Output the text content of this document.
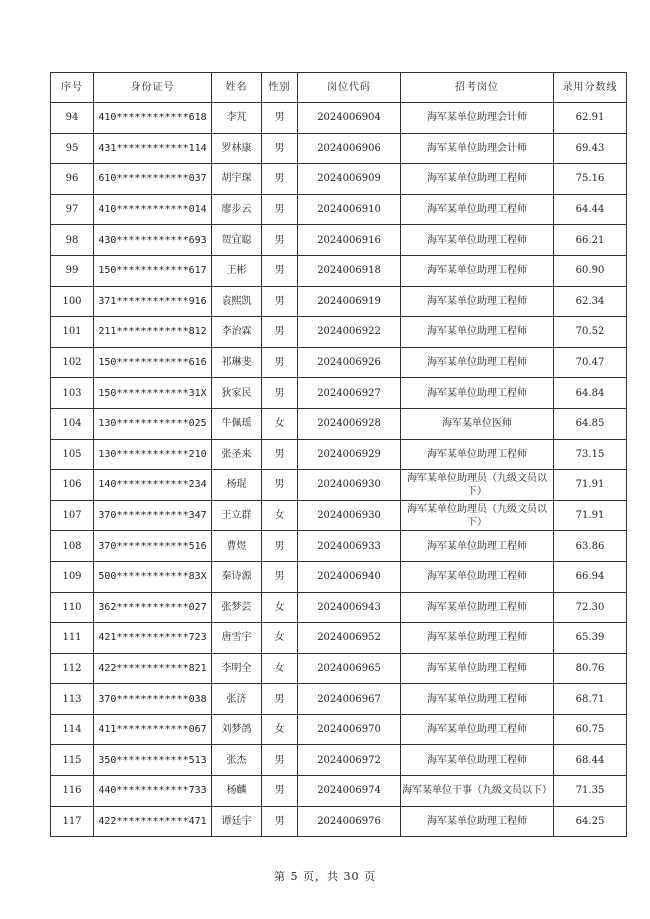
序号	身份证号	姓名	性别	岗位代码	招考岗位	录用分数线
94	410************618	李芃	男	2024006904	海军某单位助理会计师	62.91
95	431************114	罗林康	男	2024006906	海军某单位助理会计师	69.43
96	610************037	胡宇琛	男	2024006909	海军某单位助理工程师	75.16
97	410************014	廖步云	男	2024006910	海军某单位助理工程师	64.44
98	430************693	贺宜聪	男	2024006916	海军某单位助理工程师	66.21
99	150************617	王彬	男	2024006918	海军某单位助理工程师	60.90
100	371************916	袁熙凯	男	2024006919	海军某单位助理工程师	62.34
101	211************812	李治霖	男	2024006922	海军某单位助理工程师	70.52
102	150************616	祁琳斐	男	2024006926	海军某单位助理工程师	70.47
103	150************31X	狄家民	男	2024006927	海军某单位助理工程师	64.84
104	130************025	牛佩瑶	女	2024006928	海军某单位医师	64.85
105	130************210	张圣来	男	2024006929	海军某单位助理工程师	73.15
106	140************234	杨琨	男	2024006930	海军某单位助理员（九级文员以下）	71.91
107	370************347	王立群	女	2024006930	海军某单位助理员（九级文员以下）	71.91
108	370************516	曹煜	男	2024006933	海军某单位助理工程师	63.86
109	500************83X	秦诗源	男	2024006940	海军某单位助理工程师	66.94
110	362************027	张梦芸	女	2024006943	海军某单位助理工程师	72.30
111	421************723	唐雪宇	女	2024006952	海军某单位助理工程师	65.39
112	422************821	李明全	女	2024006965	海军某单位助理工程师	80.76
113	370************038	张济	男	2024006967	海军某单位助理工程师	68.71
114	411************067	刘梦鸽	女	2024006970	海军某单位助理工程师	60.75
115	350************513	张杰	男	2024006972	海军某单位助理工程师	68.44
116	440************733	杨麟	男	2024006974	海军某单位干事（九级文员以下）	71.35
117	422************471	谭廷宇	男	2024006976	海军某单位助理工程师	64.25
第 5 页，共 30 页
